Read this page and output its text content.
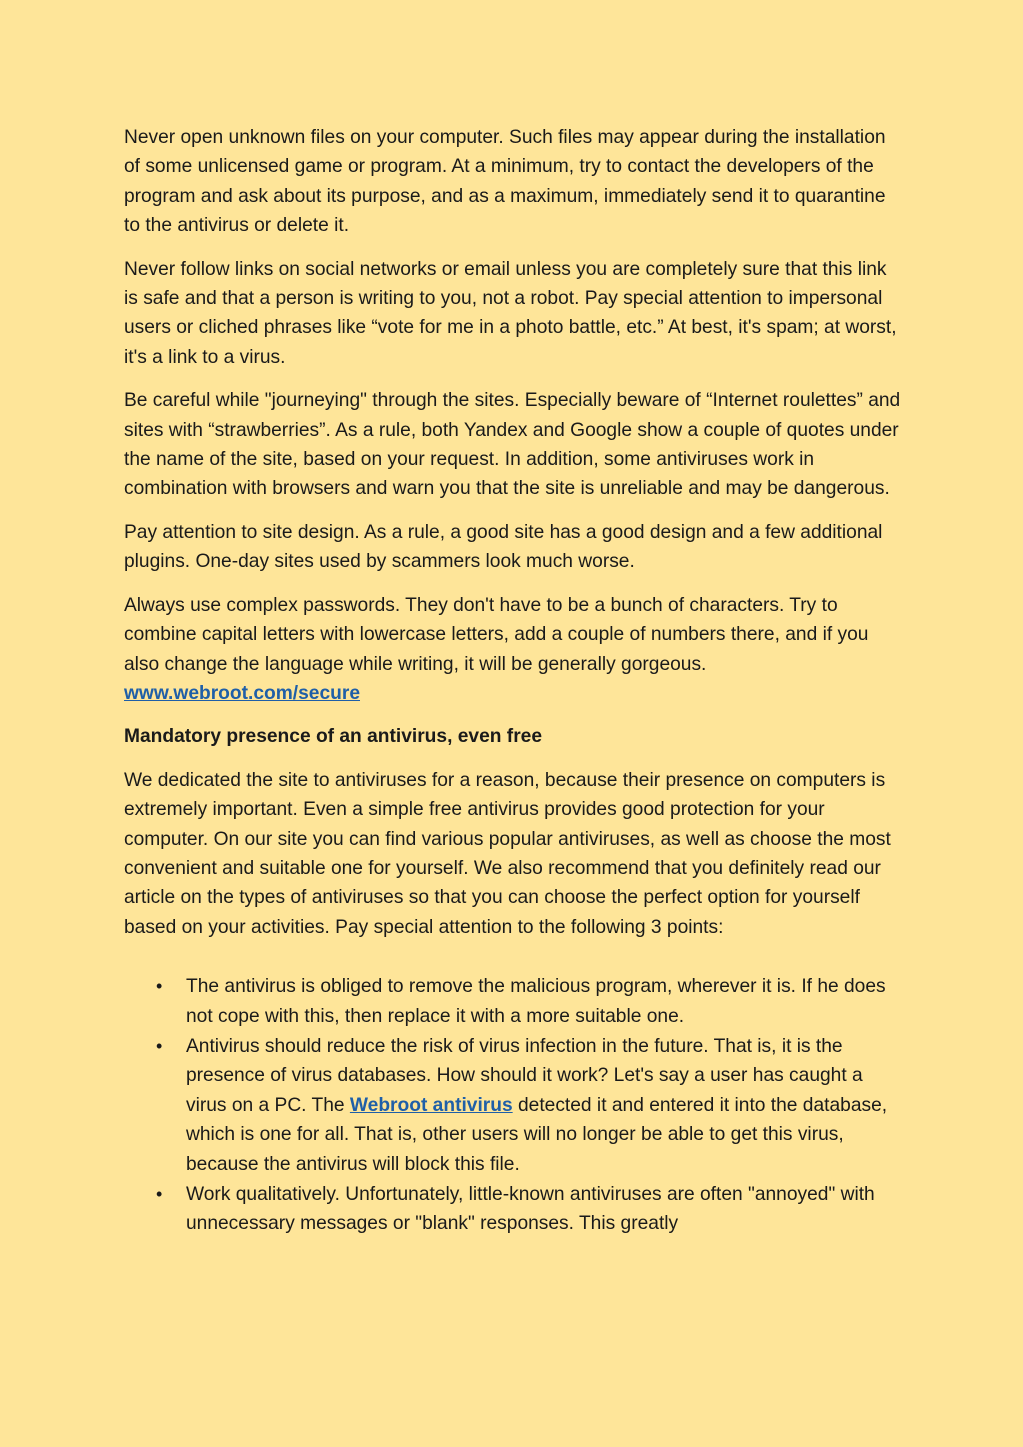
Never open unknown files on your computer. Such files may appear during the installation of some unlicensed game or program. At a minimum, try to contact the developers of the program and ask about its purpose, and as a maximum, immediately send it to quarantine to the antivirus or delete it.

Never follow links on social networks or email unless you are completely sure that this link is safe and that a person is writing to you, not a robot. Pay special attention to impersonal users or cliched phrases like “vote for me in a photo battle, etc.” At best, it's spam; at worst, it's a link to a virus.

Be careful while "journeying" through the sites. Especially beware of “Internet roulettes” and sites with “strawberries”. As a rule, both Yandex and Google show a couple of quotes under the name of the site, based on your request. In addition, some antiviruses work in combination with browsers and warn you that the site is unreliable and may be dangerous.

Pay attention to site design. As a rule, a good site has a good design and a few additional plugins. One-day sites used by scammers look much worse.

Always use complex passwords. They don't have to be a bunch of characters. Try to combine capital letters with lowercase letters, add a couple of numbers there, and if you also change the language while writing, it will be generally gorgeous.
www.webroot.com/secure

Mandatory presence of an antivirus, even free

We dedicated the site to antiviruses for a reason, because their presence on computers is extremely important. Even a simple free antivirus provides good protection for your computer. On our site you can find various popular antiviruses, as well as choose the most convenient and suitable one for yourself. We also recommend that you definitely read our article on the types of antiviruses so that you can choose the perfect option for yourself based on your activities. Pay special attention to the following 3 points:

• The antivirus is obliged to remove the malicious program, wherever it is. If he does not cope with this, then replace it with a more suitable one.
• Antivirus should reduce the risk of virus infection in the future. That is, it is the presence of virus databases. How should it work? Let's say a user has caught a virus on a PC. The Webroot antivirus detected it and entered it into the database, which is one for all. That is, other users will no longer be able to get this virus, because the antivirus will block this file.
• Work qualitatively. Unfortunately, little-known antiviruses are often "annoyed" with unnecessary messages or "blank" responses. This greatly
